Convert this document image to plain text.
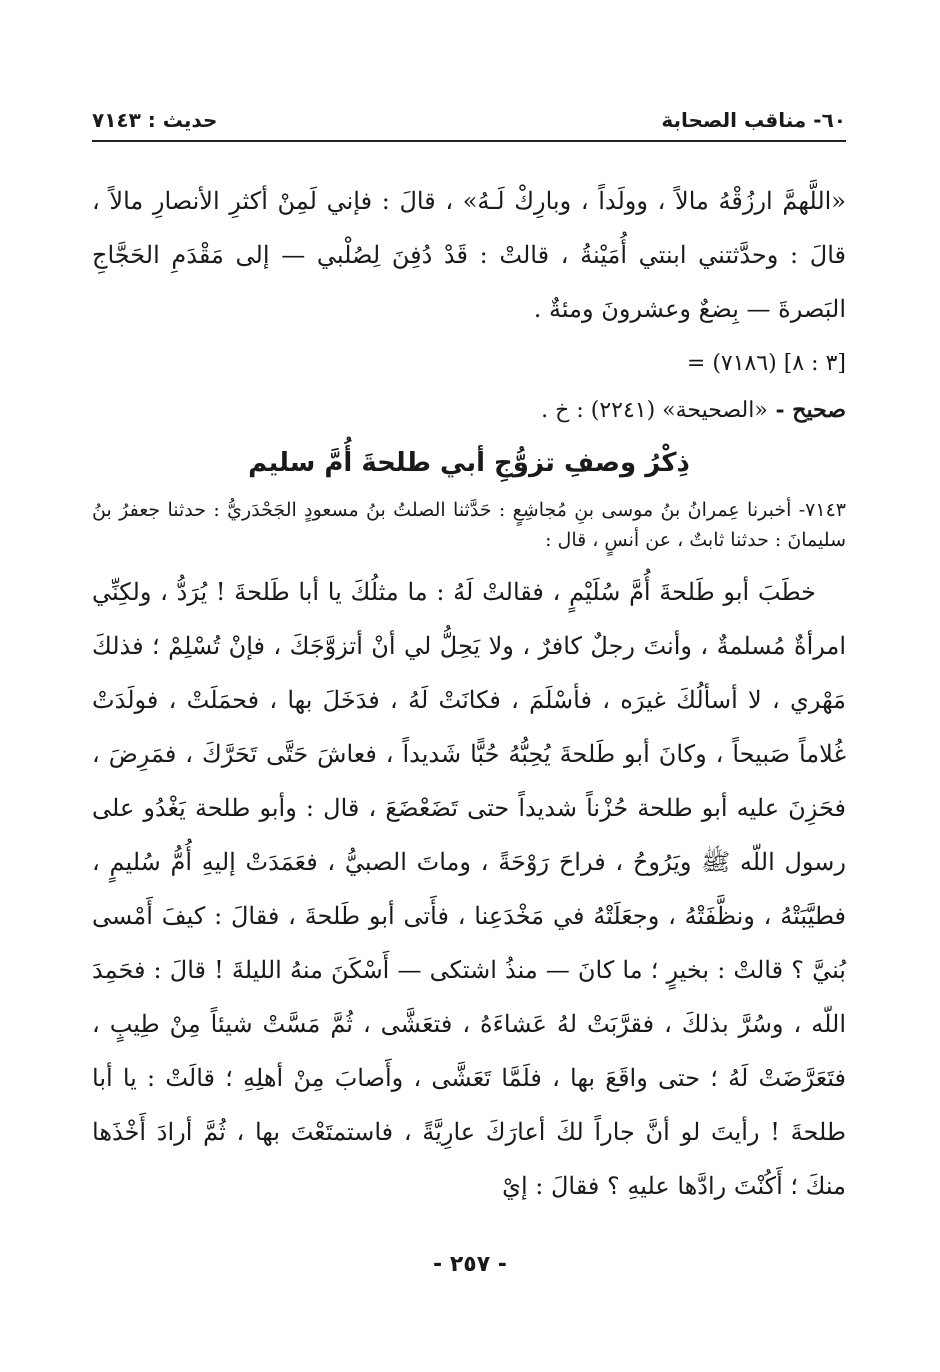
٦٠- مناقب الصحابة
حديث : ٧١٤٣

«اللَّهمَّ ارزُقْهُ مالاً ، وولَداً ، وبارِكْ لَـهُ» ، قالَ : فإني لَمِنْ أكثرِ الأنصارِ مالاً ، قالَ : وحدَّثتني ابنتي أُمَيْنةُ ، قالتْ : قَدْ دُفِنَ لِصُلْبي — إلى مَقْدَمِ الحَجَّاجِ البَصرةَ — بِضعٌ وعشرونَ ومئةٌ .

= (٧١٨٦) [٣ : ٨]

صحيح - «الصحيحة» (٢٢٤١) : خ .

ذِكْرُ وصفِ تزوُّجِ أبي طلحةَ أُمَّ سليم

٧١٤٣- أخبرنا عِمرانُ بنُ موسى بنِ مُجاشِعٍ : حَدَّثنا الصلتُ بنُ مسعودٍ الجَحْدَريُّ : حدثنا جعفرُ بنُ سليمانَ : حدثنا ثابتٌ ، عن أنسٍ ، قال :

خطَبَ أبو طَلحةَ أُمَّ سُلَيْمٍ ، فقالتْ لَهُ : ما مثلُكَ يا أبا طَلحةَ ! يُرَدُّ ، ولكِنِّي امرأةٌ مُسلمةٌ ، وأنتَ رجلٌ كافرٌ ، ولا يَحِلُّ لي أنْ أتزوَّجَكَ ، فإنْ تُسْلِمْ ؛ فذلكَ مَهْري ، لا أسألُكَ غيرَه ، فأسْلَمَ ، فكانَتْ لَهُ ، فدَخَلَ بها ، فحمَلَتْ ، فولَدَتْ غُلاماً صَبيحاً ، وكانَ أبو طَلحةَ يُحِبُّهُ حُبًّا شَديداً ، فعاشَ حَتَّى تَحَرَّكَ ، فمَرِضَ ، فحَزِنَ عليه أبو طلحة حُزْناً شديداً حتى تَضَعْضَعَ ، قال : وأبو طلحة يَغْدُو على رسول اللّه ﷺ ويَرُوحُ ، فراحَ رَوْحَةً ، وماتَ الصبيُّ ، فعَمَدَتْ إليهِ أُمُّ سُليمٍ ، فطيَّبَتْهُ ، ونظَّفَتْهُ ، وجعَلَتْهُ في مَخْدَعِنا ، فأَتى أبو طَلحةَ ، فقالَ : كيفَ أَمْسى بُنيَّ ؟ قالتْ : بخيرٍ ؛ ما كانَ — منذُ اشتكى — أَسْكَنَ منهُ الليلةَ ! قالَ : فحَمِدَ اللّه ، وسُرَّ بذلكَ ، فقرَّبَتْ لهُ عَشاءَهُ ، فتعَشَّى ، ثُمَّ مَسَّتْ شيئاً مِنْ طِيبٍ ، فتَعَرَّضَتْ لَهُ ؛ حتى واقَعَ بها ، فلَمَّا تَعَشَّى ، وأَصابَ مِنْ أهلِهِ ؛ قالَتْ : يا أبا طلحةَ ! رأيتَ لو أنَّ جاراً لكَ أعارَكَ عارِيَّةً ، فاستمتَعْتَ بها ، ثُمَّ أرادَ أَخْذَها منكَ ؛ أَكُنْتَ رادَّها عليهِ ؟ فقالَ : إيْ

- ٢٥٧ -
